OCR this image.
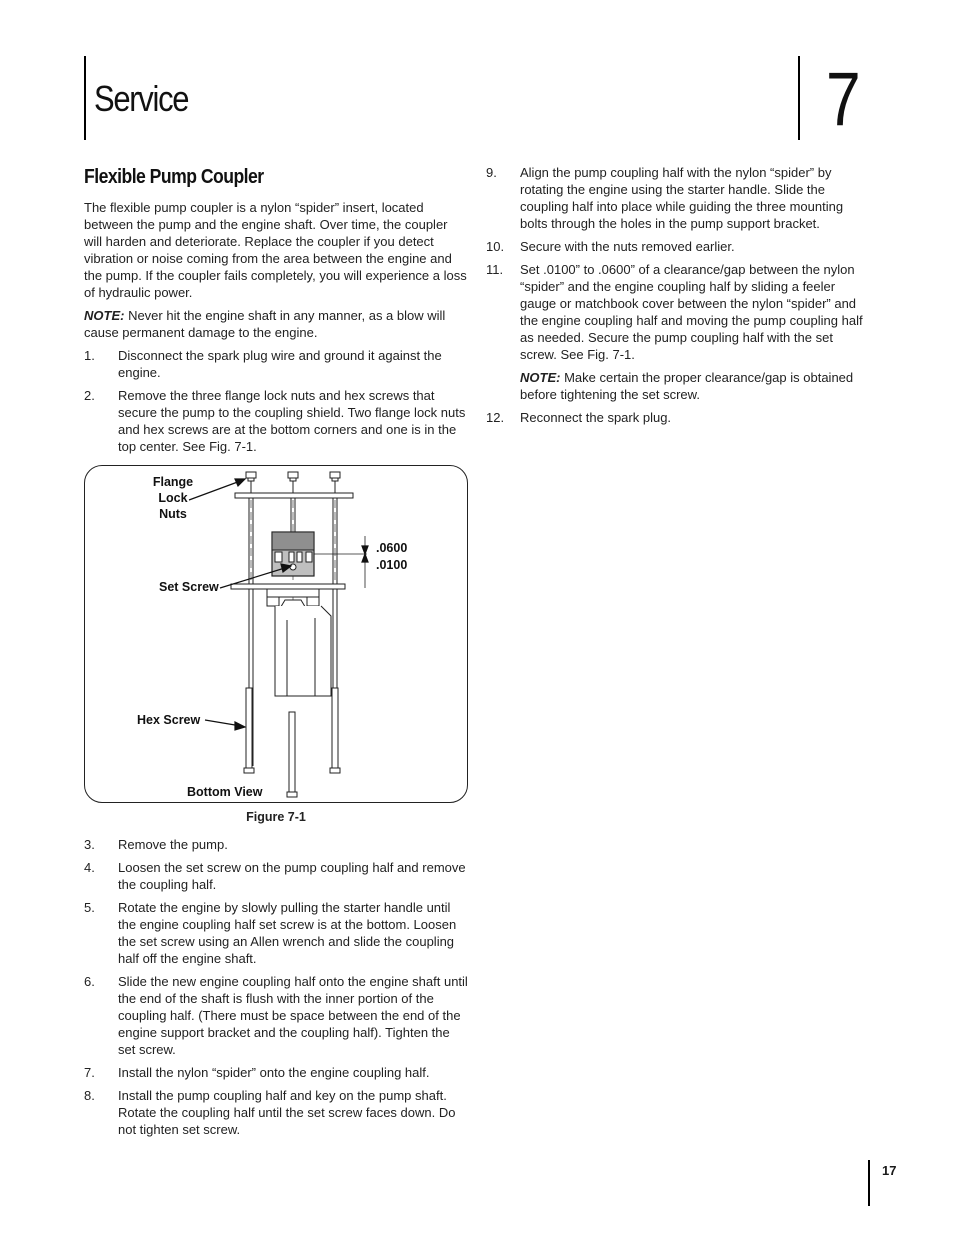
Service	7
Flexible Pump Coupler

The flexible pump coupler is a nylon “spider” insert, located between the pump and the engine shaft. Over time, the coupler will harden and deteriorate. Replace the coupler if you detect vibration or noise coming from the area between the engine and the pump. If the coupler fails completely, you will experience a loss of hydraulic power.

NOTE: Never hit the engine shaft in any manner, as a blow will cause permanent damage to the engine.

1. Disconnect the spark plug wire and ground it against the engine.
2. Remove the three flange lock nuts and hex screws that secure the pump to the coupling shield. Two flange lock nuts and hex screws are at the bottom corners and one is in the top center. See Fig. 7-1.
Flange
Lock
Nuts
Set Screw
Hex Screw
Bottom View
.0600
.0100
Figure 7-1
3. Remove the pump.
4. Loosen the set screw on the pump coupling half and remove the coupling half.
5. Rotate the engine by slowly pulling the starter handle until the engine coupling half set screw is at the bottom. Loosen the set screw using an Allen wrench and slide the coupling half off the engine shaft.
6. Slide the new engine coupling half onto the engine shaft until the end of the shaft is flush with the inner portion of the coupling half. (There must be space between the end of the engine support bracket and the coupling half). Tighten the set screw.
7. Install the nylon “spider” onto the engine coupling half.
8. Install the pump coupling half and key on the pump shaft. Rotate the coupling half until the set screw faces down. Do not tighten set screw.
9. Align the pump coupling half with the nylon “spider” by rotating the engine using the starter handle. Slide the coupling half into place while guiding the three mounting bolts through the holes in the pump support bracket.
10. Secure with the nuts removed earlier.
11. Set .0100” to .0600” of a clearance/gap between the nylon “spider” and the engine coupling half by sliding a feeler gauge or matchbook cover between the nylon “spider” and the engine coupling half and moving the pump coupling half as needed. Secure the pump coupling half with the set screw. See Fig. 7-1.

NOTE: Make certain the proper clearance/gap is obtained before tightening the set screw.

12. Reconnect the spark plug.
17
